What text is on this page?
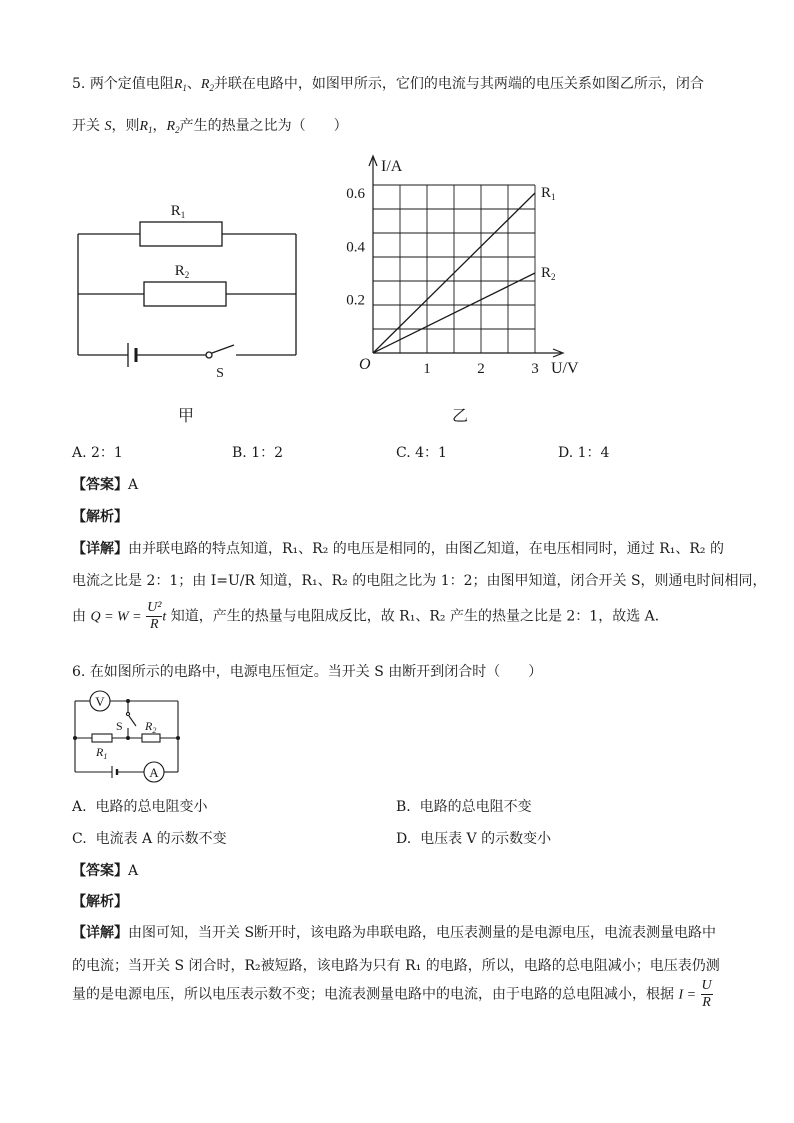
5. 两个定值电阻$R_1$、$R_2$并联在电路中，如图甲所示，它们的电流与其两端的电压关系如图乙所示，闭合
开关 S，则$R_1$，$R_2$产生的热量之比为（　　）
$R_1$
$R_2$
S
甲
$R_1$
$R_2$
1	2	3
0.2
0.4
0.6
O
I/A
U/V
乙
A. 2：1	B. 1：2	C. 4：1	D. 1：4
【答案】A
【解析】
【详解】由并联电路的特点知道，R₁、R₂ 的电压是相同的，由图乙知道，在电压相同时，通过 R₁、R₂ 的
电流之比是 2：1；由 I=U/R 知道，R₁、R₂ 的电阻之比为 1：2；由图甲知道，闭合开关 S，则通电时间相同，
由 $Q = W = \frac{\text{U²}}{R}$ t 知道，产生的热量与电阻成反比，故 R₁、R₂ 产生的热量之比是 2：1，故选 A．
6. 在如图所示的电路中，电源电压恒定。当开关 S 由断开到闭合时（　　）
V
A
S
$R_1$
$R_2$
A. 电路的总电阻变小	B. 电路的总电阻不变
C. 电流表 A 的示数不变	D. 电压表 V 的示数变小
【答案】A
【解析】
【详解】由图可知，当开关 S断开时，该电路为串联电路，电压表测量的是电源电压，电流表测量电路中
的电流；当开关 S 闭合时，R₂被短路，该电路为只有 R₁ 的电路，所以，电路的总电阻减小；电压表仍测
量的是电源电压，所以电压表示数不变；电流表测量电路中的电流，由于电路的总电阻减小，根据 $I = \frac{U}{R}$
